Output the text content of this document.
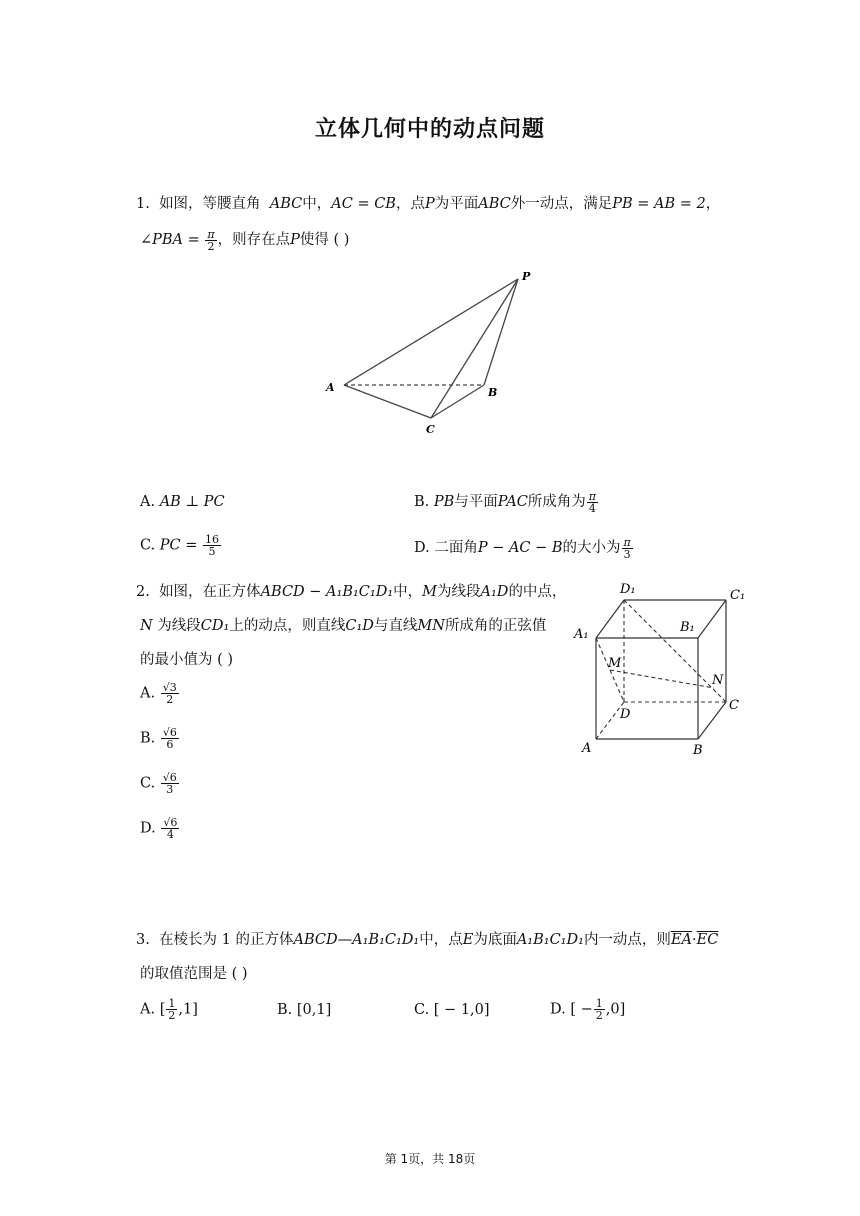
立体几何中的动点问题
1. 如图，等腰直角 ABC中，AC = CB，点P为平面ABC外一动点，满足PB = AB = 2，
∠PBA = $\frac{\pi}{2}$ ，则存在点P使得 ( )
P
A	B
C
A. AB ⊥ PC	B. PB与平面PAC所成角为 $\frac{\pi}{4}$
C. PC = $\frac{16}{5}$	D. 二面角P − AC − B的大小为 $\frac{\pi}{3}$
2. 如图，在正方体ABCD − A₁B₁C₁D₁中，M为线段A₁D的中点，
N 为线段CD₁上的动点，则直线C₁D与直线MN所成角的正弦值
的最小值为 ( )
A. $\frac{√3}{2}$
B. $\frac{√6}{6}$
C. $\frac{√6}{3}$
D. $\frac{√6}{4}$
D₁	C₁
B₁
A₁
M
N
D
C
A	B
3. 在棱长为 1 的正方体ABCD—A₁B₁C₁D₁中，点E为底面A₁B₁C₁D₁内一动点，则$\overline{EA}\cdot\overline{EC}$
的取值范围是 ( )
A. [ $\frac{1}{2} ,1$]	B. [0,1]	C. [ − 1,0]	D. [ − $\frac{1}{2} ,0$]
第 1页，共 18页
